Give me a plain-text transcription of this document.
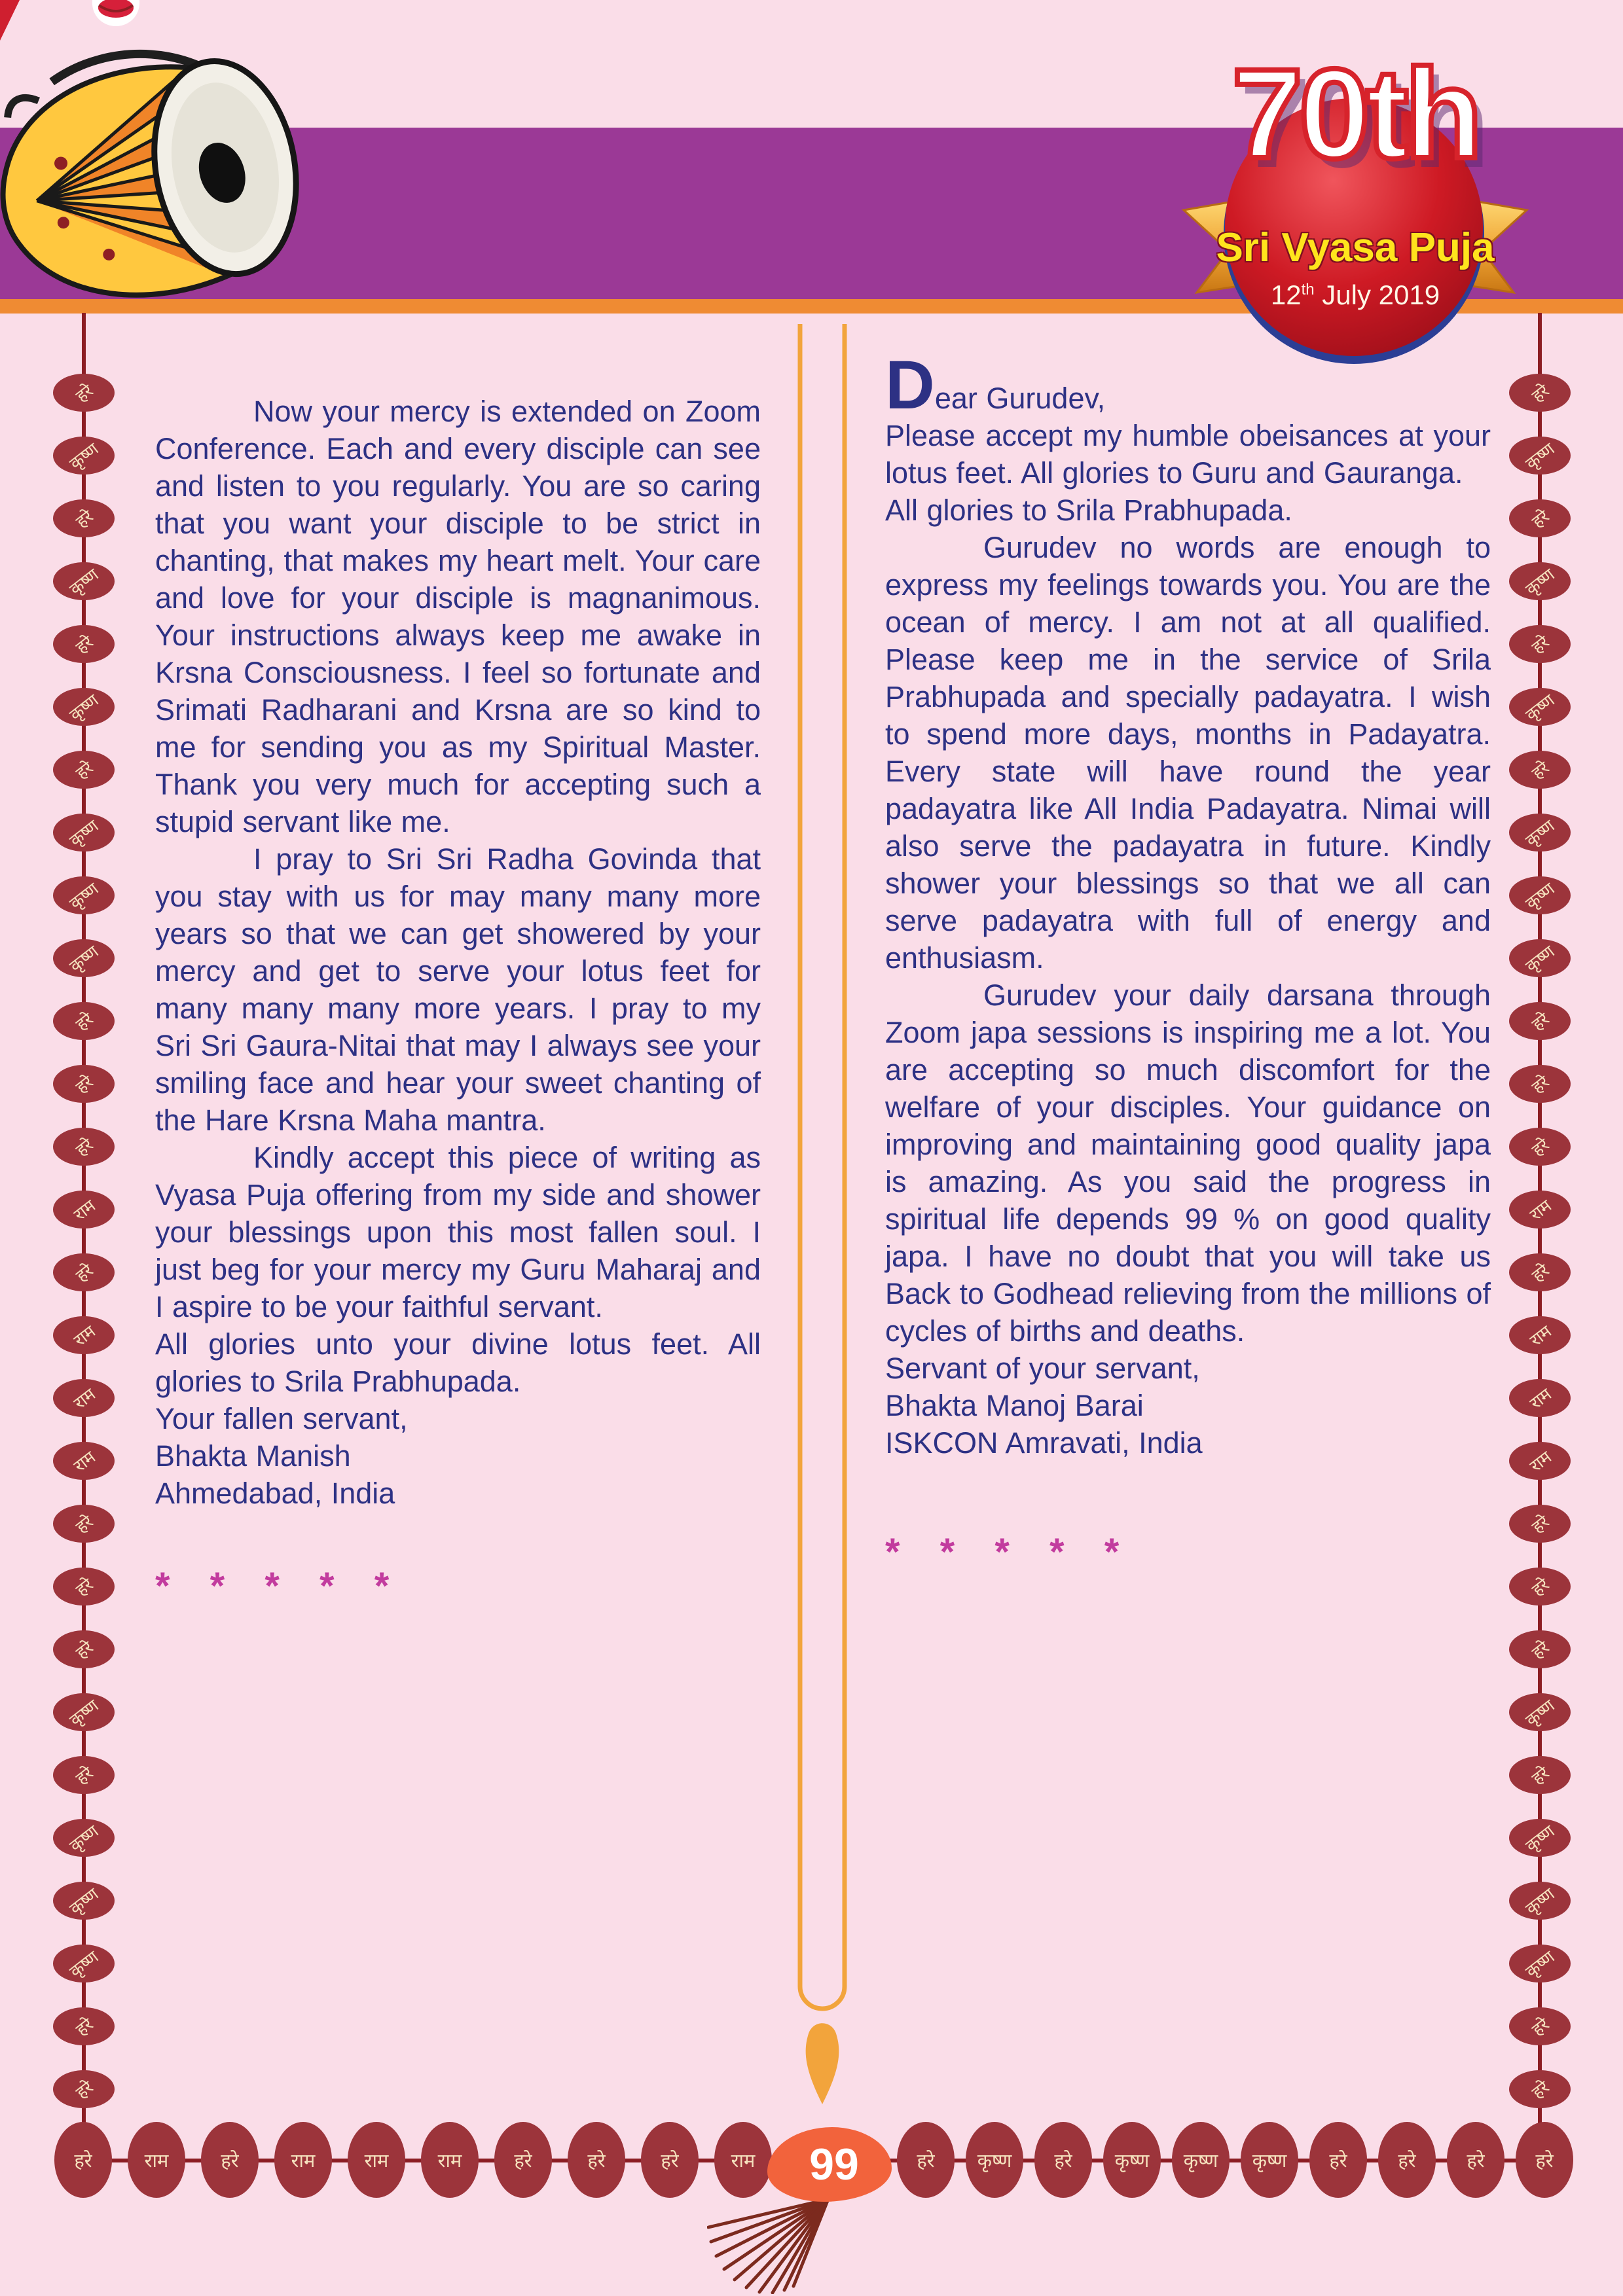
70th
Sri Vyasa Puja
12th July 2019
हरे
कृष्ण
हरे
कृष्ण
हरे
कृष्ण
हरे
कृष्ण
कृष्ण
कृष्ण
हरे
हरे
हरे
राम
हरे
राम
राम
राम
हरे
हरे
हरे
कृष्ण
हरे
कृष्ण
कृष्ण
कृष्ण
हरे
हरे
हरे
कृष्ण
हरे
कृष्ण
हरे
कृष्ण
हरे
कृष्ण
कृष्ण
कृष्ण
हरे
हरे
हरे
राम
हरे
राम
राम
राम
हरे
हरे
हरे
कृष्ण
हरे
कृष्ण
कृष्ण
कृष्ण
हरे
हरे
हरे	राम	हरे	राम	राम	राम	हरे	हरे	हरे	राम	हरे कृष्ण हरे कृष्ण कृष्ण कृष्ण हरे	हरे	हरे	हरे

Now your mercy is extended on Zoom Conference. Each and every disciple can see and listen to you regularly. You are so caring that you want your disciple to be strict in chanting, that makes my heart melt. Your care and love for your disciple is magnanimous. Your instructions always keep me awake in Krsna Consciousness. I feel so fortunate and Srimati Radharani and Krsna are so kind to me for sending you as my Spiritual Master. Thank you very much for accepting such a stupid servant like me.

I pray to Sri Sri Radha Govinda that you stay with us for may many many more years so that we can get showered by your mercy and get to serve your lotus feet for many many many more years. I pray to my Sri Sri Gaura-Nitai that may I always see your smiling face and hear your sweet chanting of the Hare Krsna Maha mantra.

Kindly accept this piece of writing as Vyasa Puja offering from my side and shower your blessings upon this most fallen soul. I just beg for your mercy my Guru Maharaj and I aspire to be your faithful servant.

All glories unto your divine lotus feet. All glories to Srila Prabhupada.

Your fallen servant,

Bhakta Manish

Ahmedabad, India

* * * * *

Dear Gurudev,

Please accept my humble obeisances at your lotus feet. All glories to Guru and Gauranga.

All glories to Srila Prabhupada.

Gurudev no words are enough to express my feelings towards you. You are the ocean of mercy. I am not at all qualified. Please keep me in the service of Srila Prabhupada and specially padayatra. I wish to spend more days, months in Padayatra. Every state will have round the year padayatra like All India Padayatra. Nimai will also serve the padayatra in future. Kindly shower your blessings so that we all can serve padayatra with full of energy and enthusiasm.

Gurudev your daily darsana through Zoom japa sessions is inspiring me a lot. You are accepting so much discomfort for the welfare of your disciples. Your guidance on improving and maintaining good quality japa is amazing. As you said the progress in spiritual life depends 99 % on good quality japa. I have no doubt that you will take us Back to Godhead relieving from the millions of cycles of births and deaths.

Servant of your servant,

Bhakta Manoj Barai

ISKCON Amravati, India

* * * * *

99
